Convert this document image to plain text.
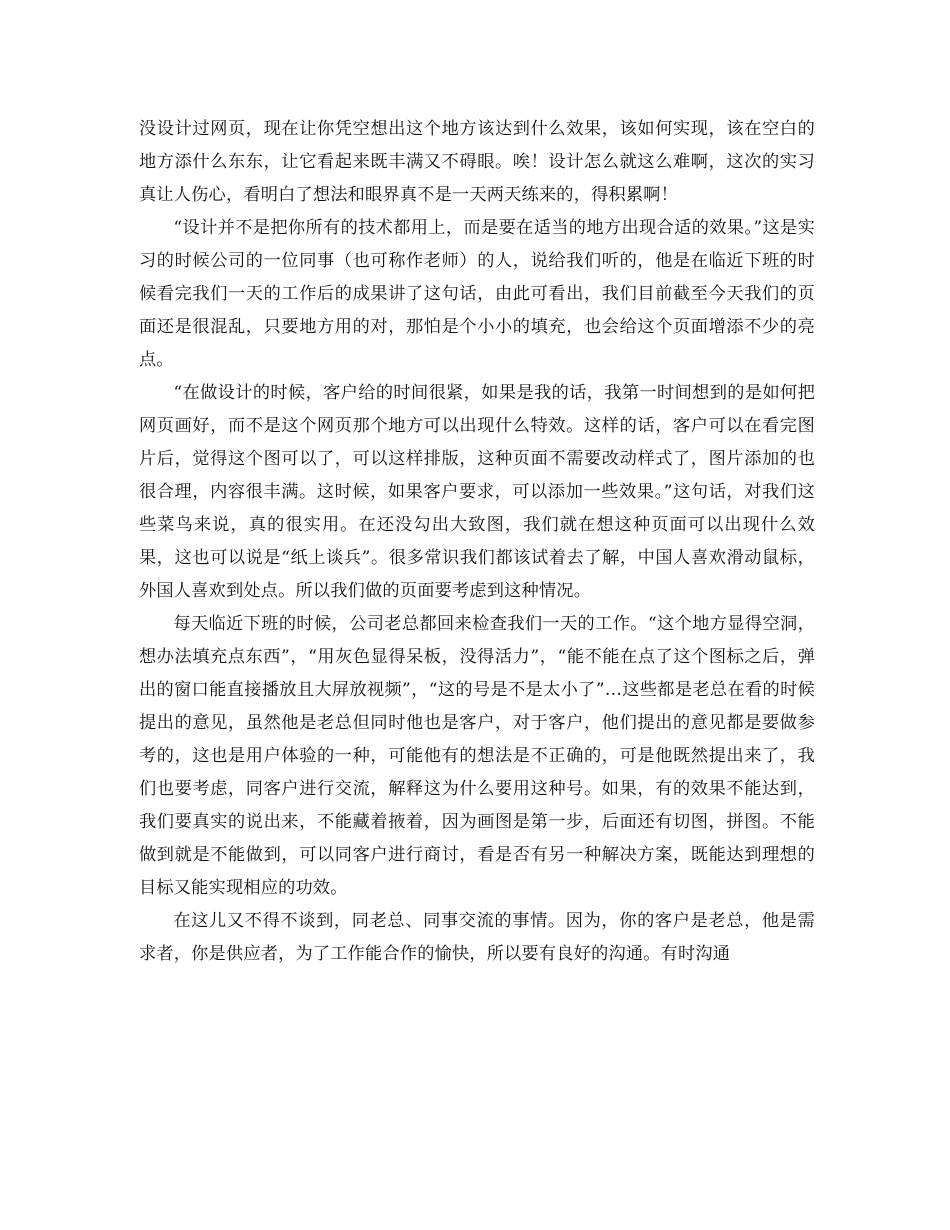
没设计过网页，现在让你凭空想出这个地方该达到什么效果，该如何实现，该在空白的地方添什么东东，让它看起来既丰满又不碍眼。唉！设计怎么就这么难啊，这次的实习真让人伤心，看明白了想法和眼界真不是一天两天练来的，得积累啊！

“设计并不是把你所有的技术都用上，而是要在适当的地方出现合适的效果。”这是实习的时候公司的一位同事（也可称作老师）的人，说给我们听的，他是在临近下班的时候看完我们一天的工作后的成果讲了这句话，由此可看出，我们目前截至今天我们的页面还是很混乱，只要地方用的对，那怕是个小小的填充，也会给这个页面增添不少的亮点。

“在做设计的时候，客户给的时间很紧，如果是我的话，我第一时间想到的是如何把网页画好，而不是这个网页那个地方可以出现什么特效。这样的话，客户可以在看完图片后，觉得这个图可以了，可以这样排版，这种页面不需要改动样式了，图片添加的也很合理，内容很丰满。这时候，如果客户要求，可以添加一些效果。”这句话，对我们这些菜鸟来说，真的很实用。在还没勾出大致图，我们就在想这种页面可以出现什么效果，这也可以说是“纸上谈兵”。很多常识我们都该试着去了解，中国人喜欢滑动鼠标，外国人喜欢到处点。所以我们做的页面要考虑到这种情况。

每天临近下班的时候，公司老总都回来检查我们一天的工作。“这个地方显得空洞，想办法填充点东西”，“用灰色显得呆板，没得活力”，“能不能在点了这个图标之后，弹出的窗口能直接播放且大屏放视频”，“这的号是不是太小了”…这些都是老总在看的时候提出的意见，虽然他是老总但同时他也是客户，对于客户，他们提出的意见都是要做参考的，这也是用户体验的一种，可能他有的想法是不正确的，可是他既然提出来了，我们也要考虑，同客户进行交流，解释这为什么要用这种号。如果，有的效果不能达到，我们要真实的说出来，不能藏着掖着，因为画图是第一步，后面还有切图，拼图。不能做到就是不能做到，可以同客户进行商讨，看是否有另一种解决方案，既能达到理想的目标又能实现相应的功效。

在这儿又不得不谈到，同老总、同事交流的事情。因为，你的客户是老总，他是需求者，你是供应者，为了工作能合作的愉快，所以要有良好的沟通。有时沟通
